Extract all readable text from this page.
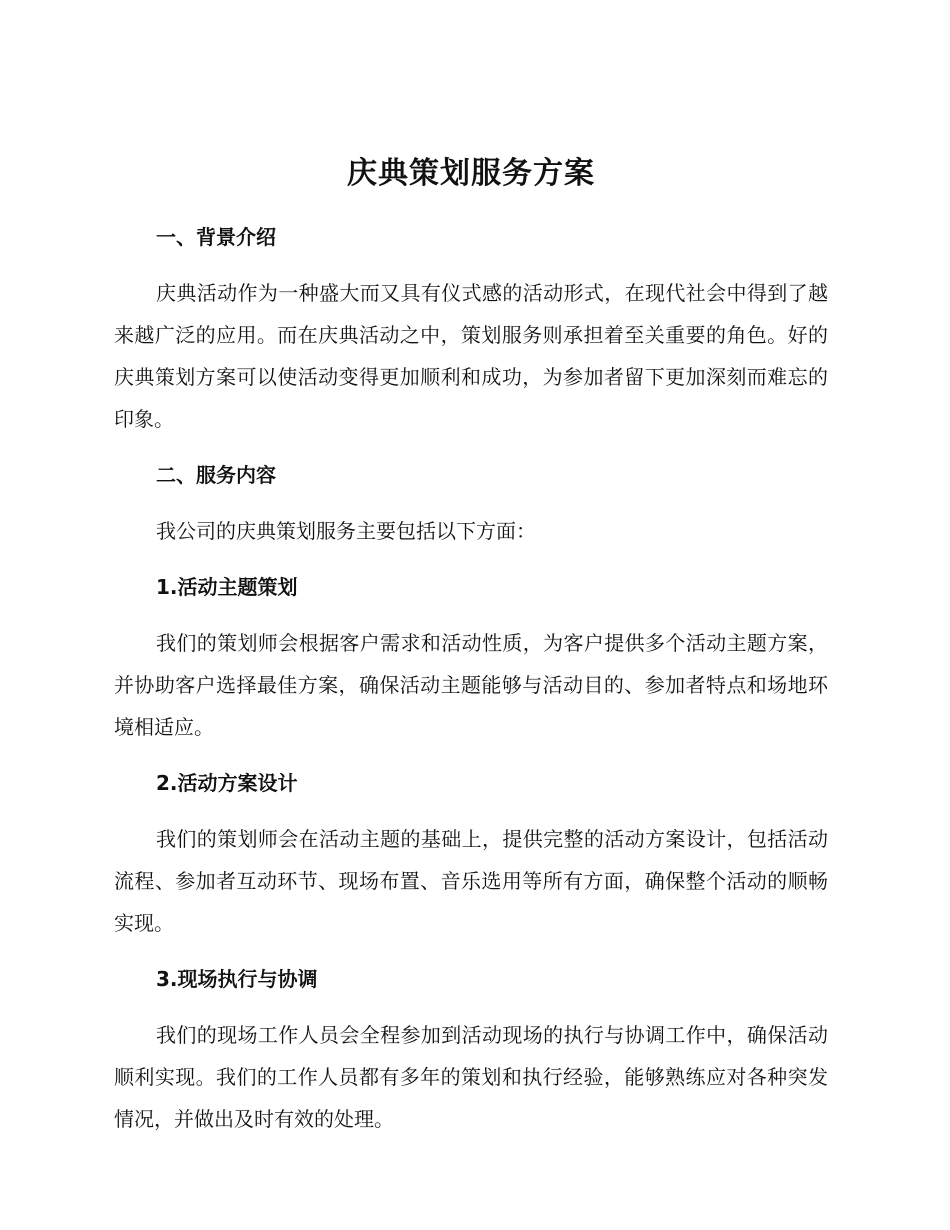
庆典策划服务方案
一、背景介绍

庆典活动作为一种盛大而又具有仪式感的活动形式，在现代社会中得到了越来越广泛的应用。而在庆典活动之中，策划服务则承担着至关重要的角色。好的庆典策划方案可以使活动变得更加顺利和成功，为参加者留下更加深刻而难忘的印象。

二、服务内容

我公司的庆典策划服务主要包括以下方面：

1.活动主题策划

我们的策划师会根据客户需求和活动性质，为客户提供多个活动主题方案，并协助客户选择最佳方案，确保活动主题能够与活动目的、参加者特点和场地环境相适应。

2.活动方案设计

我们的策划师会在活动主题的基础上，提供完整的活动方案设计，包括活动流程、参加者互动环节、现场布置、音乐选用等所有方面，确保整个活动的顺畅实现。

3.现场执行与协调

我们的现场工作人员会全程参加到活动现场的执行与协调工作中，确保活动顺利实现。我们的工作人员都有多年的策划和执行经验，能够熟练应对各种突发情况，并做出及时有效的处理。
